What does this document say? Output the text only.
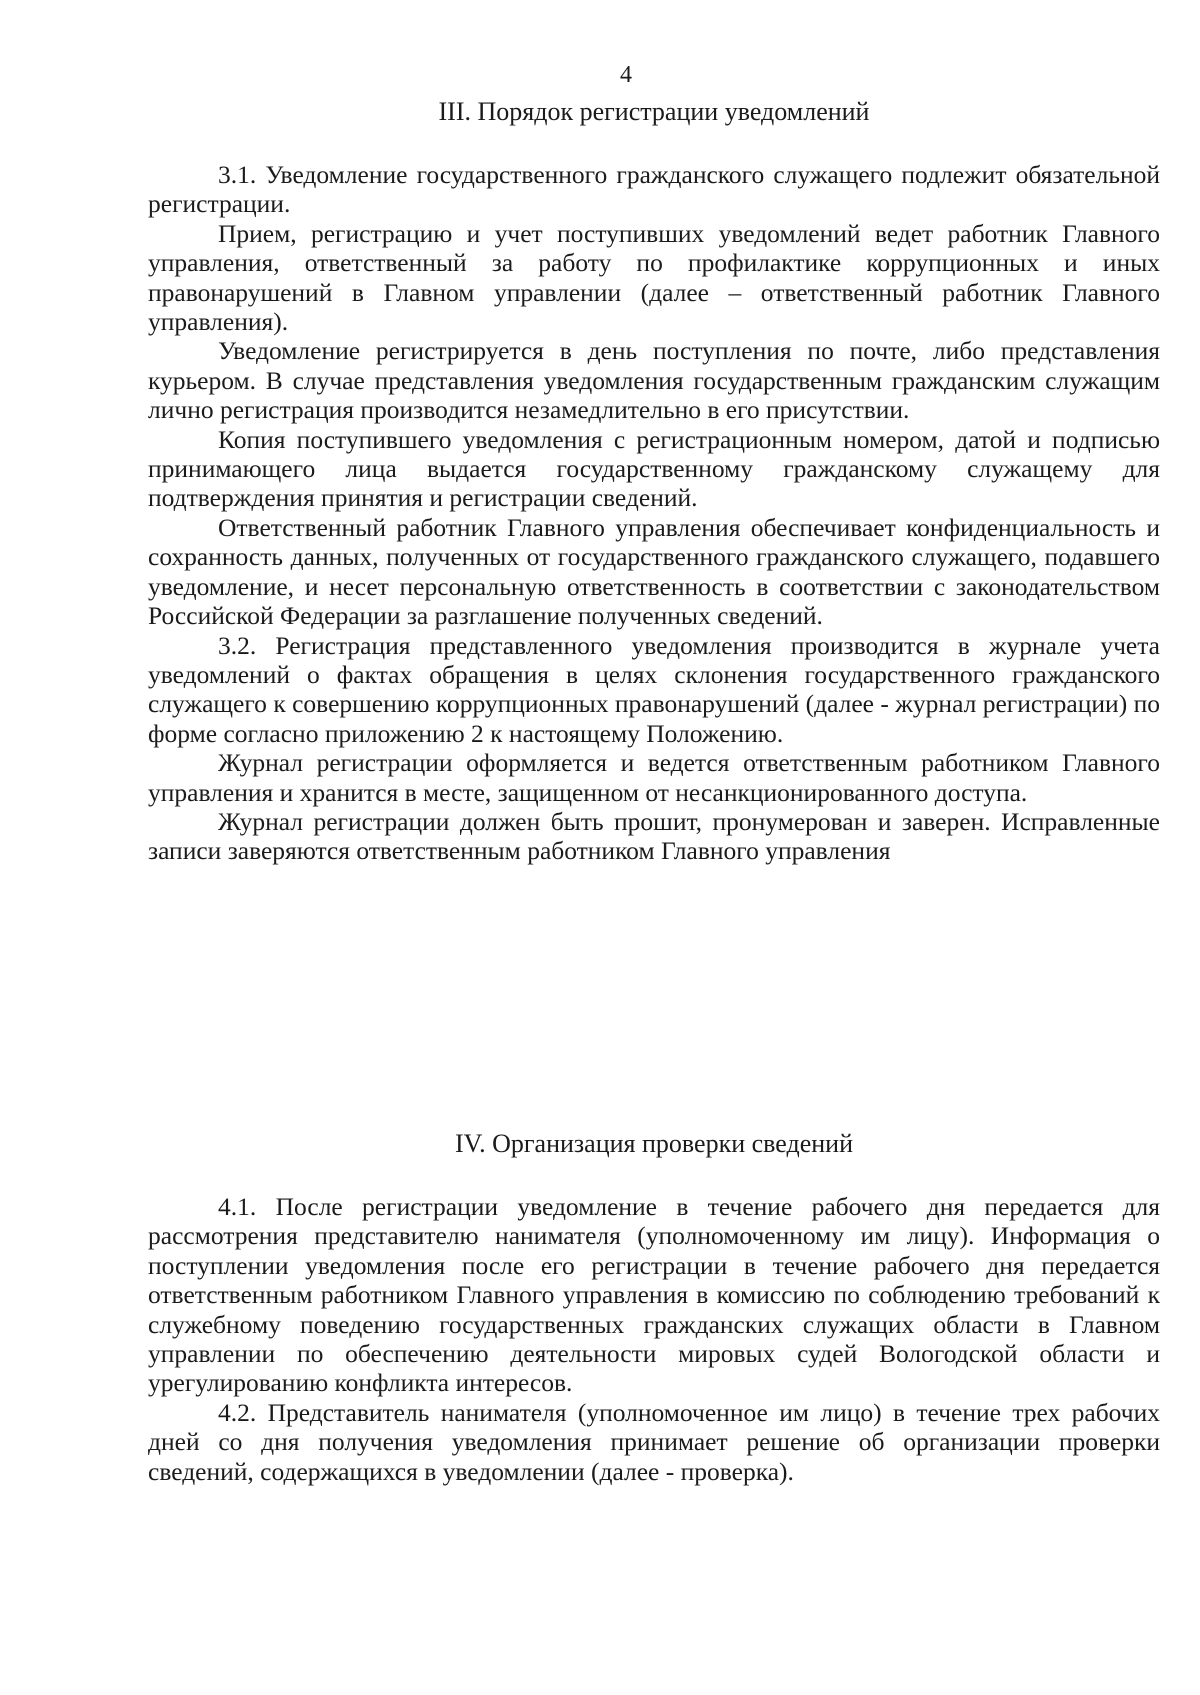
4
III. Порядок регистрации уведомлений

3.1. Уведомление государственного гражданского служащего подлежит обязательной регистрации.

Прием, регистрацию и учет поступивших уведомлений ведет работник Главного управления, ответственный за работу по профилактике коррупционных и иных правонарушений в Главном управлении (далее – ответственный работник Главного управления).

Уведомление регистрируется в день поступления по почте, либо представления курьером. В случае представления уведомления государственным гражданским служащим лично регистрация производится незамедлительно в его присутствии.

Копия поступившего уведомления с регистрационным номером, датой и подписью принимающего лица выдается государственному гражданскому служащему для подтверждения принятия и регистрации сведений.

Ответственный работник Главного управления обеспечивает конфиденциальность и сохранность данных, полученных от государственного гражданского служащего, подавшего уведомление, и несет персональную ответственность в соответствии с законодательством Российской Федерации за разглашение полученных сведений.

3.2. Регистрация представленного уведомления производится в журнале учета уведомлений о фактах обращения в целях склонения государственного гражданского служащего к совершению коррупционных правонарушений (далее - журнал регистрации) по форме согласно приложению 2 к настоящему Положению.

Журнал регистрации оформляется и ведется ответственным работником Главного управления и хранится в месте, защищенном от несанкционированного доступа.

Журнал регистрации должен быть прошит, пронумерован и заверен. Исправленные записи заверяются ответственным работником Главного управления

IV. Организация проверки сведений

4.1. После регистрации уведомление в течение рабочего дня передается для рассмотрения представителю нанимателя (уполномоченному им лицу). Информация о поступлении уведомления после его регистрации в течение рабочего дня передается ответственным работником Главного управления в комиссию по соблюдению требований к служебному поведению государственных гражданских служащих области в Главном управлении по обеспечению деятельности мировых судей Вологодской области и урегулированию конфликта интересов.

4.2. Представитель нанимателя (уполномоченное им лицо) в течение трех рабочих дней со дня получения уведомления принимает решение об организации проверки сведений, содержащихся в уведомлении (далее - проверка).
